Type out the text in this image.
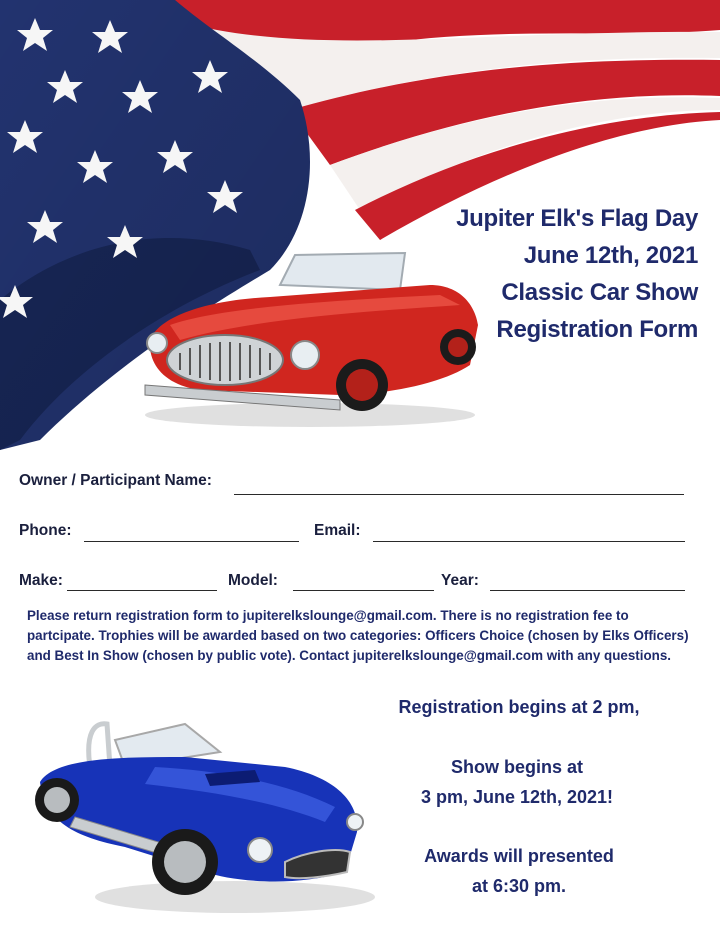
Jupiter Elk's Flag Day
June 12th, 2021
Classic Car Show
Registration Form
Owner / Participant Name:
Phone:	Email:
Make:	Model:	Year:
Please return registration form to jupiterelkslounge@gmail.com. There is no registration fee to partcipate. Trophies will be awarded based on two categories: Officers Choice (chosen by Elks Officers) and Best In Show (chosen by public vote). Contact jupiterelkslounge@gmail.com with any questions.
Registration begins at 2 pm,
Show begins at
3 pm, June 12th, 2021!
Awards will presented
at 6:30 pm.
